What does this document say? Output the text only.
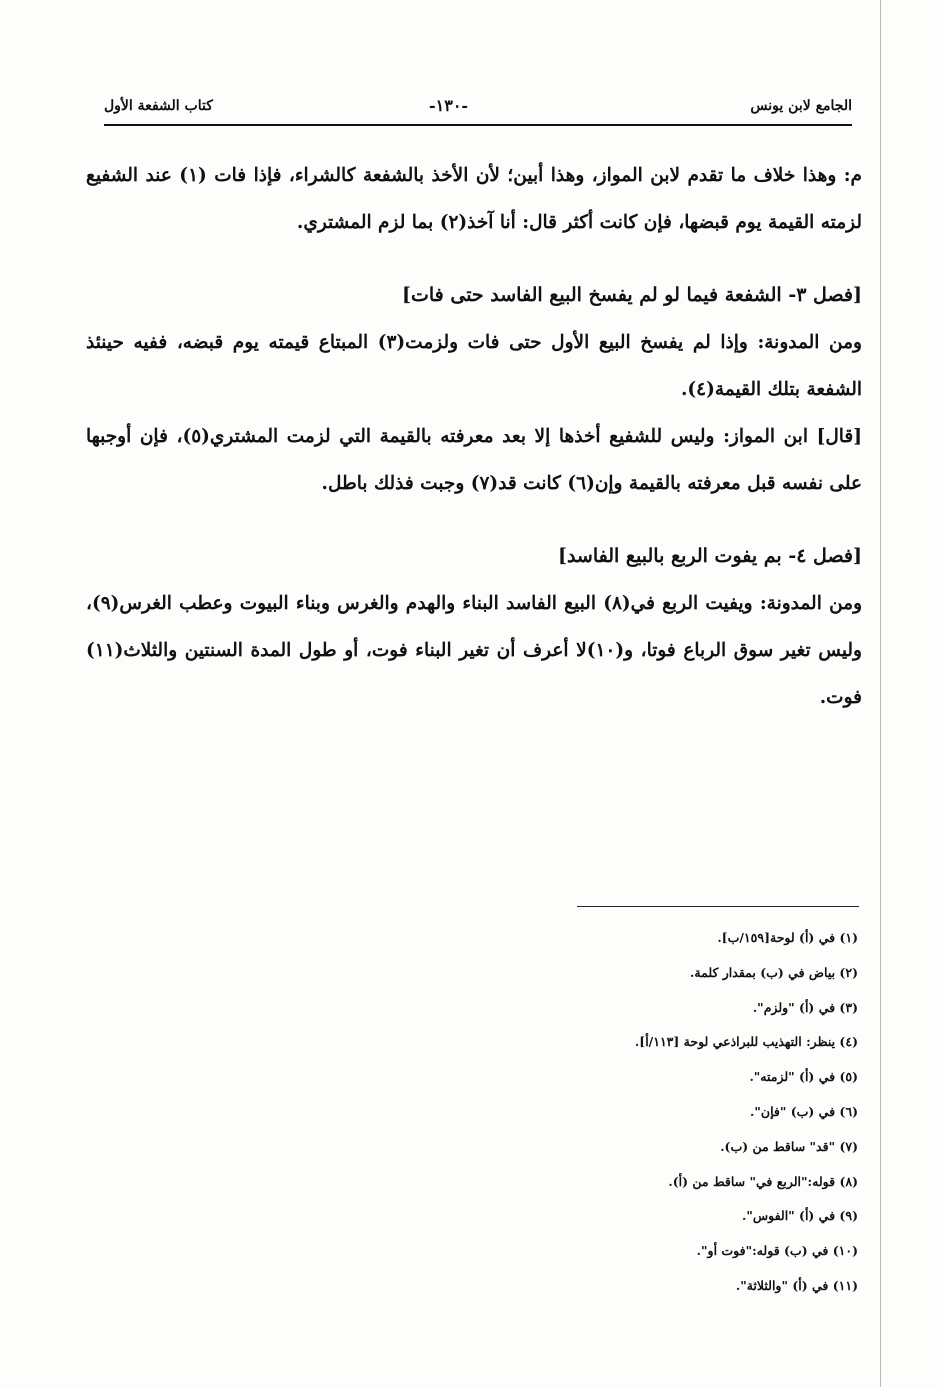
الجامع لابن يونس
-١٣٠-
كتاب الشفعة الأول

م: وهذا خلاف ما تقدم لابن المواز، وهذا أبين؛ لأن الأخذ بالشفعة كالشراء، فإذا فات (١) عند الشفيع لزمته القيمة يوم قبضها، فإن كانت أكثر قال: أنا آخذ(٢) بما لزم المشتري.

[فصل ٣- الشفعة فيما لو لم يفسخ البيع الفاسد حتى فات]

ومن المدونة: وإذا لم يفسخ البيع الأول حتى فات ولزمت(٣) المبتاع قيمته يوم قبضه، ففيه حينئذ الشفعة بتلك القيمة(٤).

[قال] ابن المواز: وليس للشفيع أخذها إلا بعد معرفته بالقيمة التي لزمت المشتري(٥)، فإن أوجبها على نفسه قبل معرفته بالقيمة وإن(٦) كانت قد(٧) وجبت فذلك باطل.

[فصل ٤- بم يفوت الربع بالبيع الفاسد]

ومن المدونة: ويفيت الربع في(٨) البيع الفاسد البناء والهدم والغرس وبناء البيوت وعطب الغرس(٩)، وليس تغير سوق الرباع فوتا، و(١٠)لا أعرف أن تغير البناء فوت، أو طول المدة السنتين والثلاث(١١) فوت.

(١) في (أ) لوحة[١٥٩/ب].
(٢) بياض في (ب) بمقدار كلمة.
(٣) في (أ) "ولزم".
(٤) ينظر: التهذيب للبراذعي لوحة [١١٣/أ].
(٥) في (أ) "لزمته".
(٦) في (ب) "فإن".
(٧) "قد" ساقط من (ب).
(٨) قوله:"الربع في" ساقط من (أ).
(٩) في (أ) "الفوس".
(١٠) في (ب) قوله:"فوت أو".
(١١) في (أ) "والثلاثة".
